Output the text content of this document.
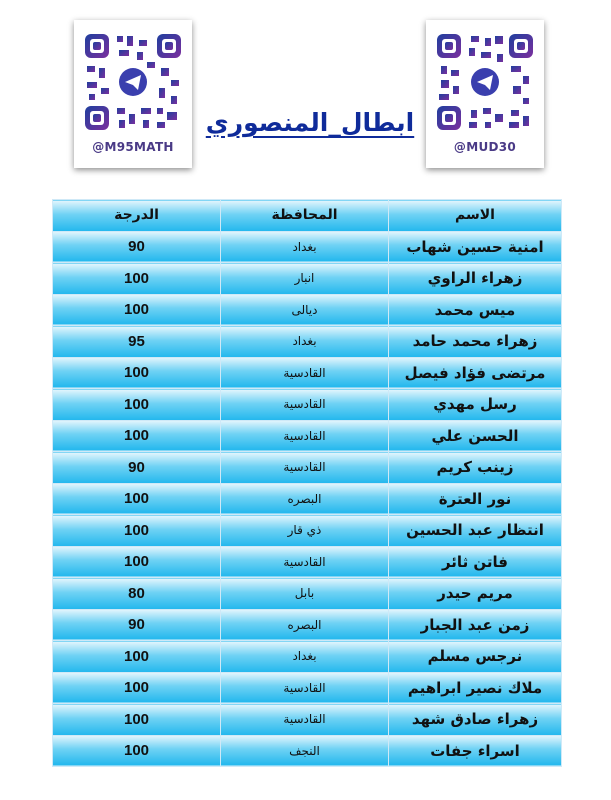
@M95MATH	@MUD30
ابطال_المنصوري
الاسم	المحافظة	الدرجة
امنية حسين شهاب	بغداد	90
زهراء الراوي	انبار	100
ميس محمد	ديالى	100
زهراء محمد حامد	بغداد	95
مرتضى فؤاد فيصل	القادسية	100
رسل مهدي	القادسية	100
الحسن علي	القادسية	100
زينب كريم	القادسية	90
نور العترة	البصره	100
انتظار عبد الحسين	ذي قار	100
فاتن ثائر	القادسية	100
مريم حيدر	بابل	80
زمن عبد الجبار	البصره	90
نرجس مسلم	بغداد	100
ملاك نصير ابراهيم	القادسية	100
زهراء صادق شهد	القادسية	100
اسراء جفات	النجف	100
